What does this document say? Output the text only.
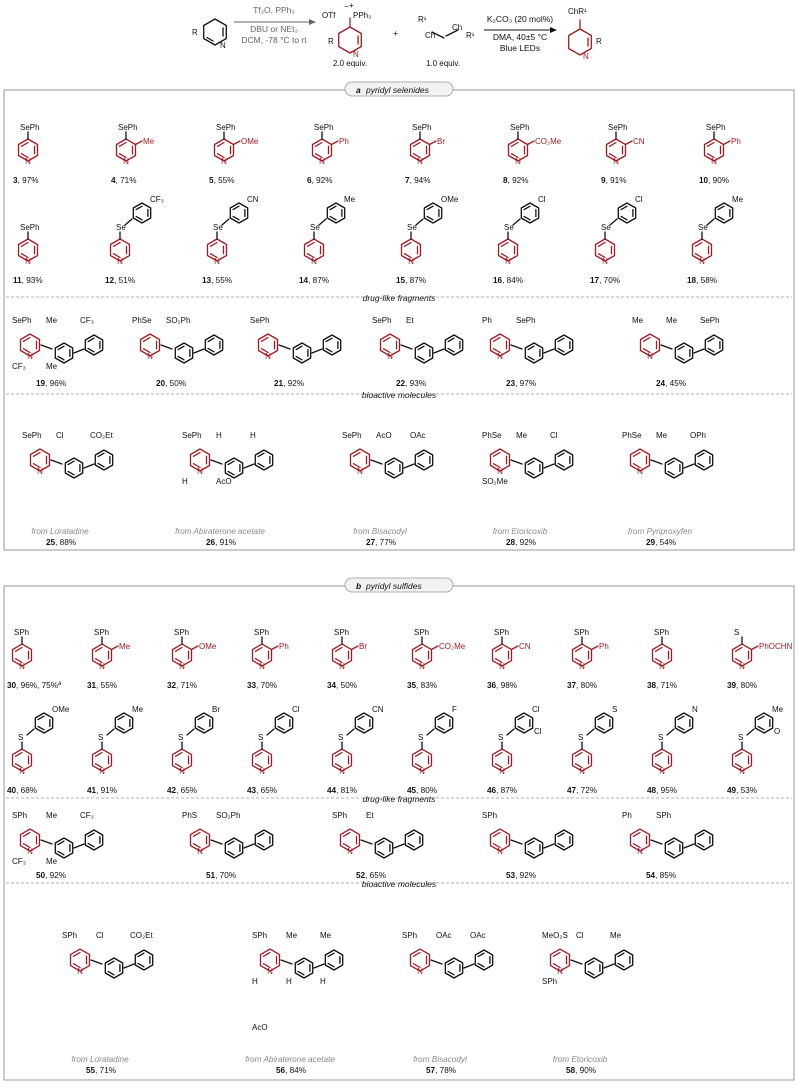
N
R
Tf₂O, PPh₃
DBU or NEt₃
DCM, -78 °C to rt
N
−
OTf
+
PPh₃
R
2.0 equiv.
+
R¹
Ch
Ch
R¹
1.0 equiv.
K₂CO₃ (20 mol%)
DMA, 40±5 °C
Blue LEDs
N
ChR¹
R
a pyridyl selenides
b pyridyl sulfides
drug-like fragments
bioactive molecules
drug-like fragments
bioactive molecules
N
SePh
3, 97%
N
SePh
Me
4, 71%
N
SePh
OMe
5, 55%
N
SePh
Ph
6, 92%
N
SePh
Br
7, 94%
N
SePh
CO₂Me
8, 92%
N
SePh
CN
9, 91%
N
SePh
Ph
10, 90%
N
SePh
11, 93%
N
Se
CF₃
12, 51%
N
Se
CN
13, 55%
N
Se
Me
14, 87%
N
Se
OMe
15, 87%
N
Se
Cl
16, 84%
N
Se
Cl
17, 70%
N
Se
Me
18, 58%
N
SPh
30, 96%, 75%$^a$
N
SPh
Me
31, 55%
N
SPh
OMe
32, 71%
N
SPh
Ph
33, 70%
N
SPh
Br
34, 50%
N
SPh
CO₂Me
35, 83%
N
SPh
CN
36, 98%
N
SPh
Ph
37, 80%
N
SPh
38, 71%
N
S
PhOCHN
39, 80%
N
S
OMe
40, 68%
N
S
Me
41, 91%
N
S
Br
42, 65%
N
S
Cl
43, 65%
N
S
CN
44, 81%
N
S
F
45, 80%
N
S
Cl
Cl
46, 87%
N
S
S
47, 72%
N
S
N
48, 95%
N
S
Me
O
49, 53%
N
SePh Me	CF₃
CF₃	Me
19, 96%
N
PhSe SO₂Ph
20, 50%
N
SePh
21, 92%
N
SePh Et
22, 93%
N
Ph	SePh
23, 97%
N
Me	Me	SePh
24, 45%
N
SePh Cl	CO₂Et
from Loratadine
25, 88%
N
SePh H	H
H	AcO
from Abiraterone acetate
26, 91%
N
SePh AcO OAc
from Bisacodyl
27, 77%
N
PhSe Me	Cl
SO₂Me
from Etoricoxib
28, 92%
N
PhSe Me	OPh
from Pyriproxyfen
29, 54%
N
SPh Me	CF₃
CF₃	Me
50, 92%
N
PhS SO₂Ph
51, 70%
N
SPh Et
52, 65%
N
SPh
53, 92%
N
Ph	SPh
54, 85%
N
SPh Cl	CO₂Et
from Loratadine
55, 71%
N
SPh Me	Me
H	H	H
AcO
from Abiraterone acetate
56, 84%
N
SPh OAc OAc
from Bisacodyl
57, 78%
N
MeO₂S Cl	Me
SPh
from Etoricoxib
58, 90%
